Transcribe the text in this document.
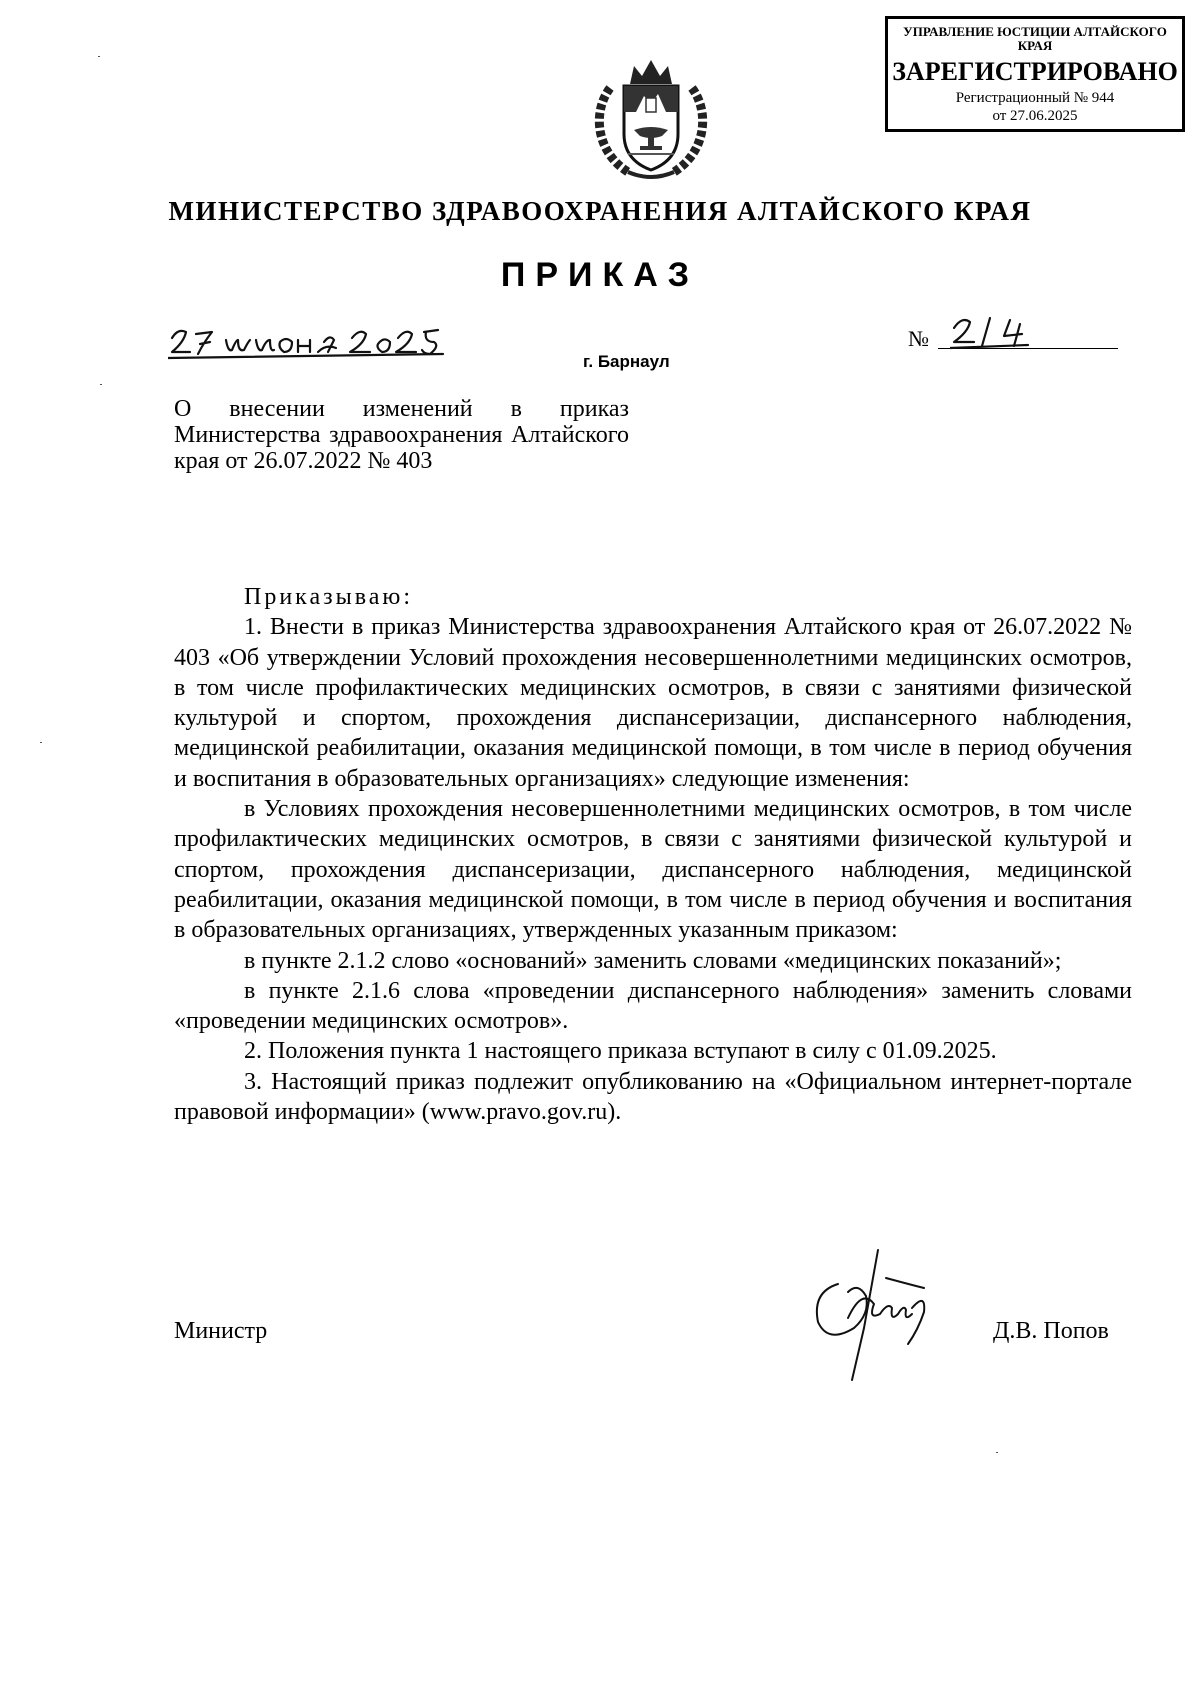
УПРАВЛЕНИЕ ЮСТИЦИИ АЛТАЙСКОГО КРАЯ
ЗАРЕГИСТРИРОВАНО
Регистрационный № 944
от 27.06.2025
МИНИСТЕРСТВО ЗДРАВООХРАНЕНИЯ АЛТАЙСКОГО КРАЯ
ПРИКАЗ
№
г. Барнаул
О внесении изменений в приказ Министерства здравоохранения Алтайского края от 26.07.2022 № 403

Приказываю:

1. Внести в приказ Министерства здравоохранения Алтайского края от 26.07.2022 № 403 «Об утверждении Условий прохождения несовершеннолетними медицинских осмотров, в том числе профилактических медицинских осмотров, в связи с занятиями физической культурой и спортом, прохождения диспансеризации, диспансерного наблюдения, медицинской реабилитации, оказания медицинской помощи, в том числе в период обучения и воспитания в образовательных организациях» следующие изменения:

в Условиях прохождения несовершеннолетними медицинских осмотров, в том числе профилактических медицинских осмотров, в связи с занятиями физической культурой и спортом, прохождения диспансеризации, диспансерного наблюдения, медицинской реабилитации, оказания медицинской помощи, в том числе в период обучения и воспитания в образовательных организациях, утвержденных указанным приказом:

в пункте 2.1.2 слово «оснований» заменить словами «медицинских показаний»;

в пункте 2.1.6 слова «проведении диспансерного наблюдения» заменить словами «проведении медицинских осмотров».

2. Положения пункта 1 настоящего приказа вступают в силу с 01.09.2025.

3. Настоящий приказ подлежит опубликованию на «Официальном интернет-портале правовой информации» (www.pravo.gov.ru).

Министр	Д.В. Попов
